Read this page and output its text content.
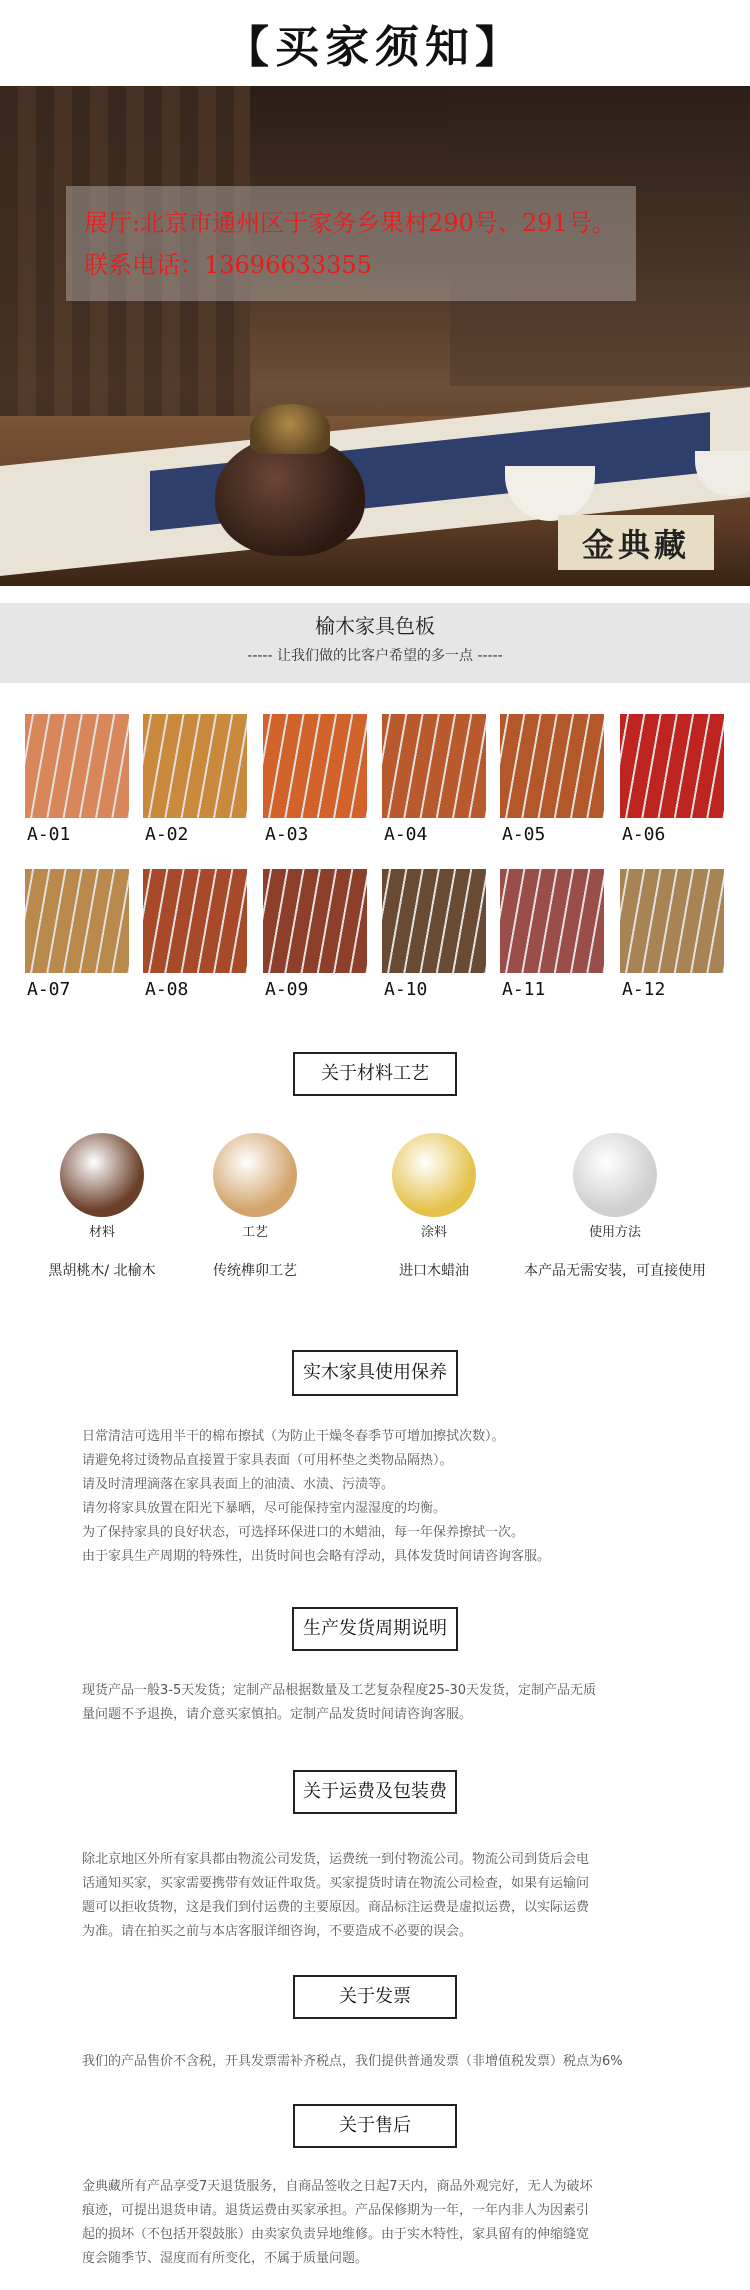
【买家须知】
展厅:北京市通州区于家务乡果村290号、291号。
联系电话：13696633355
金典藏
榆木家具色板
----- 让我们做的比客户希望的多一点 -----
A-01	A-02	A-03	A-04	A-05	A-06
A-07	A-08	A-09	A-10	A-11	A-12
关于材料工艺
材料
黑胡桃木/ 北榆木
工艺
传统榫卯工艺
涂料
进口木蜡油
使用方法
本产品无需安装，可直接使用
实木家具使用保养
日常清洁可选用半干的棉布擦拭（为防止干燥冬春季节可增加擦拭次数）。
请避免将过烫物品直接置于家具表面（可用杯垫之类物品隔热）。
请及时清理滴落在家具表面上的油渍、水渍、污渍等。
请勿将家具放置在阳光下暴晒，尽可能保持室内湿湿度的均衡。
为了保持家具的良好状态，可选择环保进口的木蜡油，每一年保养擦拭一次。
由于家具生产周期的特殊性，出货时间也会略有浮动，具体发货时间请咨询客服。
生产发货周期说明
现货产品一般3-5天发货；定制产品根据数量及工艺复杂程度25-30天发货，定制产品无质
量问题不予退换，请介意买家慎拍。定制产品发货时间请咨询客服。
关于运费及包装费
除北京地区外所有家具都由物流公司发货，运费统一到付物流公司。物流公司到货后会电
话通知买家，买家需要携带有效证件取货。买家提货时请在物流公司检查，如果有运输问
题可以拒收货物，这是我们到付运费的主要原因。商品标注运费是虚拟运费，以实际运费
为准。请在拍买之前与本店客服详细咨询，不要造成不必要的误会。
关于发票
我们的产品售价不含税，开具发票需补齐税点，我们提供普通发票（非增值税发票）税点为6%
关于售后
金典藏所有产品享受7天退货服务，自商品签收之日起7天内，商品外观完好，无人为破坏
痕迹，可提出退货申请。退货运费由买家承担。产品保修期为一年，一年内非人为因素引
起的损坏（不包括开裂鼓胀）由卖家负责异地维修。由于实木特性，家具留有的伸缩缝宽
度会随季节、湿度而有所变化，不属于质量问题。
